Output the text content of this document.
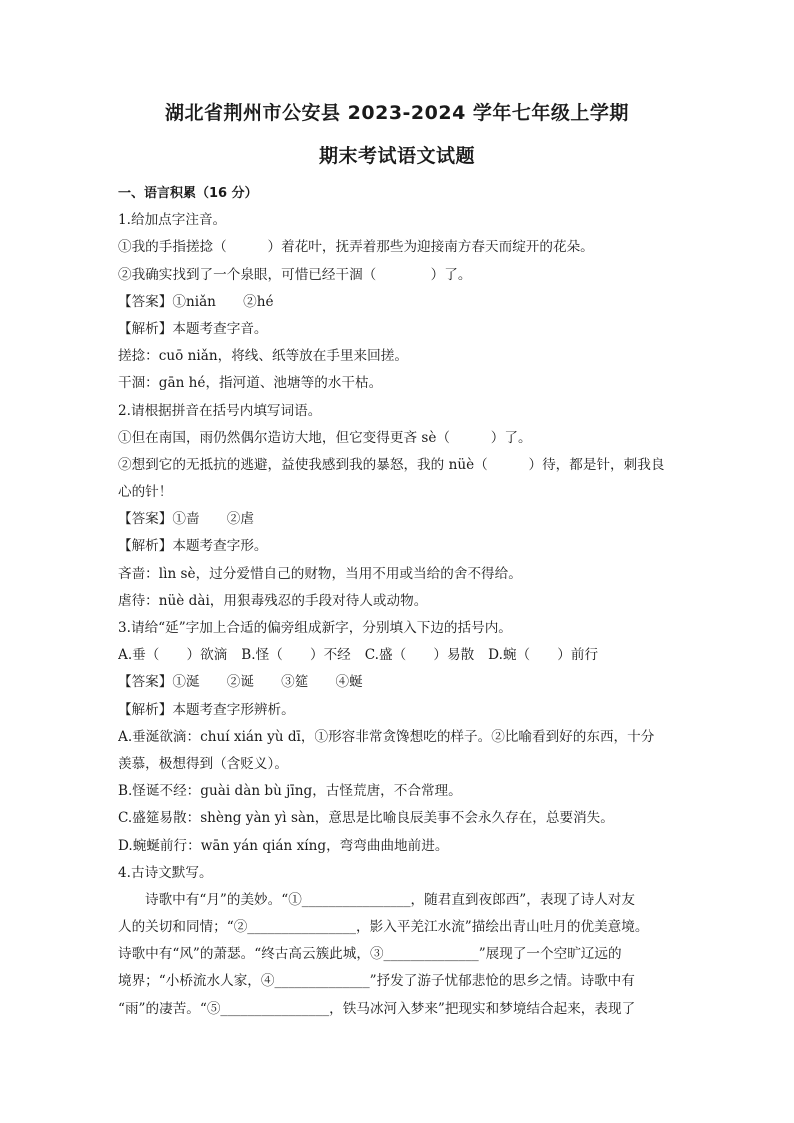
湖北省荆州市公安县 2023-2024 学年七年级上学期
期末考试语文试题
一、语言积累（16 分）
1.给加点字注音。
①我的手指搓捻（　　　）着花叶，抚弄着那些为迎接南方春天而绽开的花朵。
②我确实找到了一个泉眼，可惜已经干涸（　　　　）了。
【答案】①niǎn　　②hé
【解析】本题考查字音。
搓捻：cuō niǎn，将线、纸等放在手里来回搓。
干涸：gān hé，指河道、池塘等的水干枯。
2.请根据拼音在括号内填写词语。
①但在南国，雨仍然偶尔造访大地，但它变得更吝 sè（　　　）了。
②想到它的无抵抗的逃避，益使我感到我的暴怒，我的 nüè（　　　）待，都是针，刺我良
心的针！
【答案】①啬　　②虐
【解析】本题考查字形。
吝啬：lìn sè，过分爱惜自己的财物，当用不用或当给的舍不得给。
虐待：nüè dài，用狠毒残忍的手段对待人或动物。
3.请给“延”字加上合适的偏旁组成新字，分别填入下边的括号内。
A.垂（　　）欲滴 B.怪（　　）不经 C.盛（　　）易散 D.蜿（　　）前行
【答案】①涎　　②诞　　③筵　　④蜒
【解析】本题考查字形辨析。
A.垂涎欲滴：chuí xián yù dī，①形容非常贪馋想吃的样子。②比喻看到好的东西，十分
羡慕，极想得到（含贬义）。
B.怪诞不经：guài dàn bù jīng，古怪荒唐，不合常理。
C.盛筵易散：shèng yàn yì sàn，意思是比喻良辰美事不会永久存在，总要消失。
D.蜿蜒前行：wān yán qián xíng，弯弯曲曲地前进。
4.古诗文默写。
诗歌中有“月”的美妙。“①________________，随君直到夜郎西”，表现了诗人对友
人的关切和同情；“②________________，影入平羌江水流”描绘出青山吐月的优美意境。
诗歌中有“风”的萧瑟。“终古高云簇此城，③______________”展现了一个空旷辽远的
境界；“小桥流水人家，④______________”抒发了游子忧郁悲怆的思乡之情。诗歌中有
“雨”的凄苦。“⑤________________，铁马冰河入梦来”把现实和梦境结合起来，表现了
